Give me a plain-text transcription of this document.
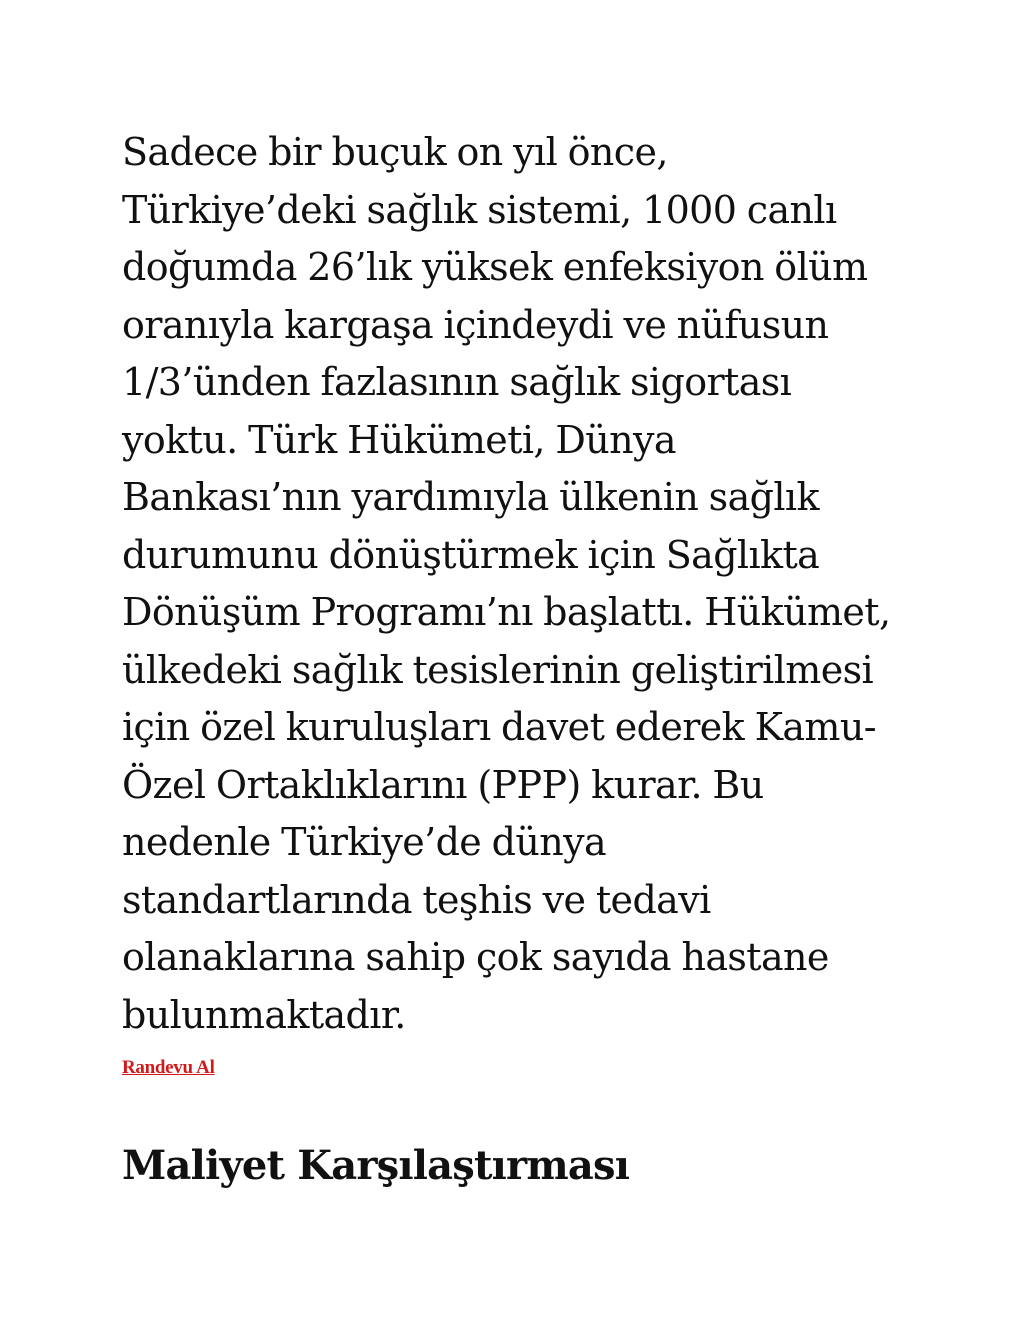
Sadece bir buçuk on yıl önce,
Türkiye’deki sağlık sistemi, 1000 canlı
doğumda 26’lık yüksek enfeksiyon ölüm
oranıyla kargaşa içindeydi ve nüfusun
1/3’ünden fazlasının sağlık sigortası
yoktu. Türk Hükümeti, Dünya
Bankası’nın yardımıyla ülkenin sağlık
durumunu dönüştürmek için Sağlıkta
Dönüşüm Programı’nı başlattı. Hükümet,
ülkedeki sağlık tesislerinin geliştirilmesi
için özel kuruluşları davet ederek Kamu-
Özel Ortaklıklarını (PPP) kurar. Bu
nedenle Türkiye’de dünya
standartlarında teşhis ve tedavi
olanaklarına sahip çok sayıda hastane
bulunmaktadır.

Randevu Al
Maliyet Karşılaştırması
